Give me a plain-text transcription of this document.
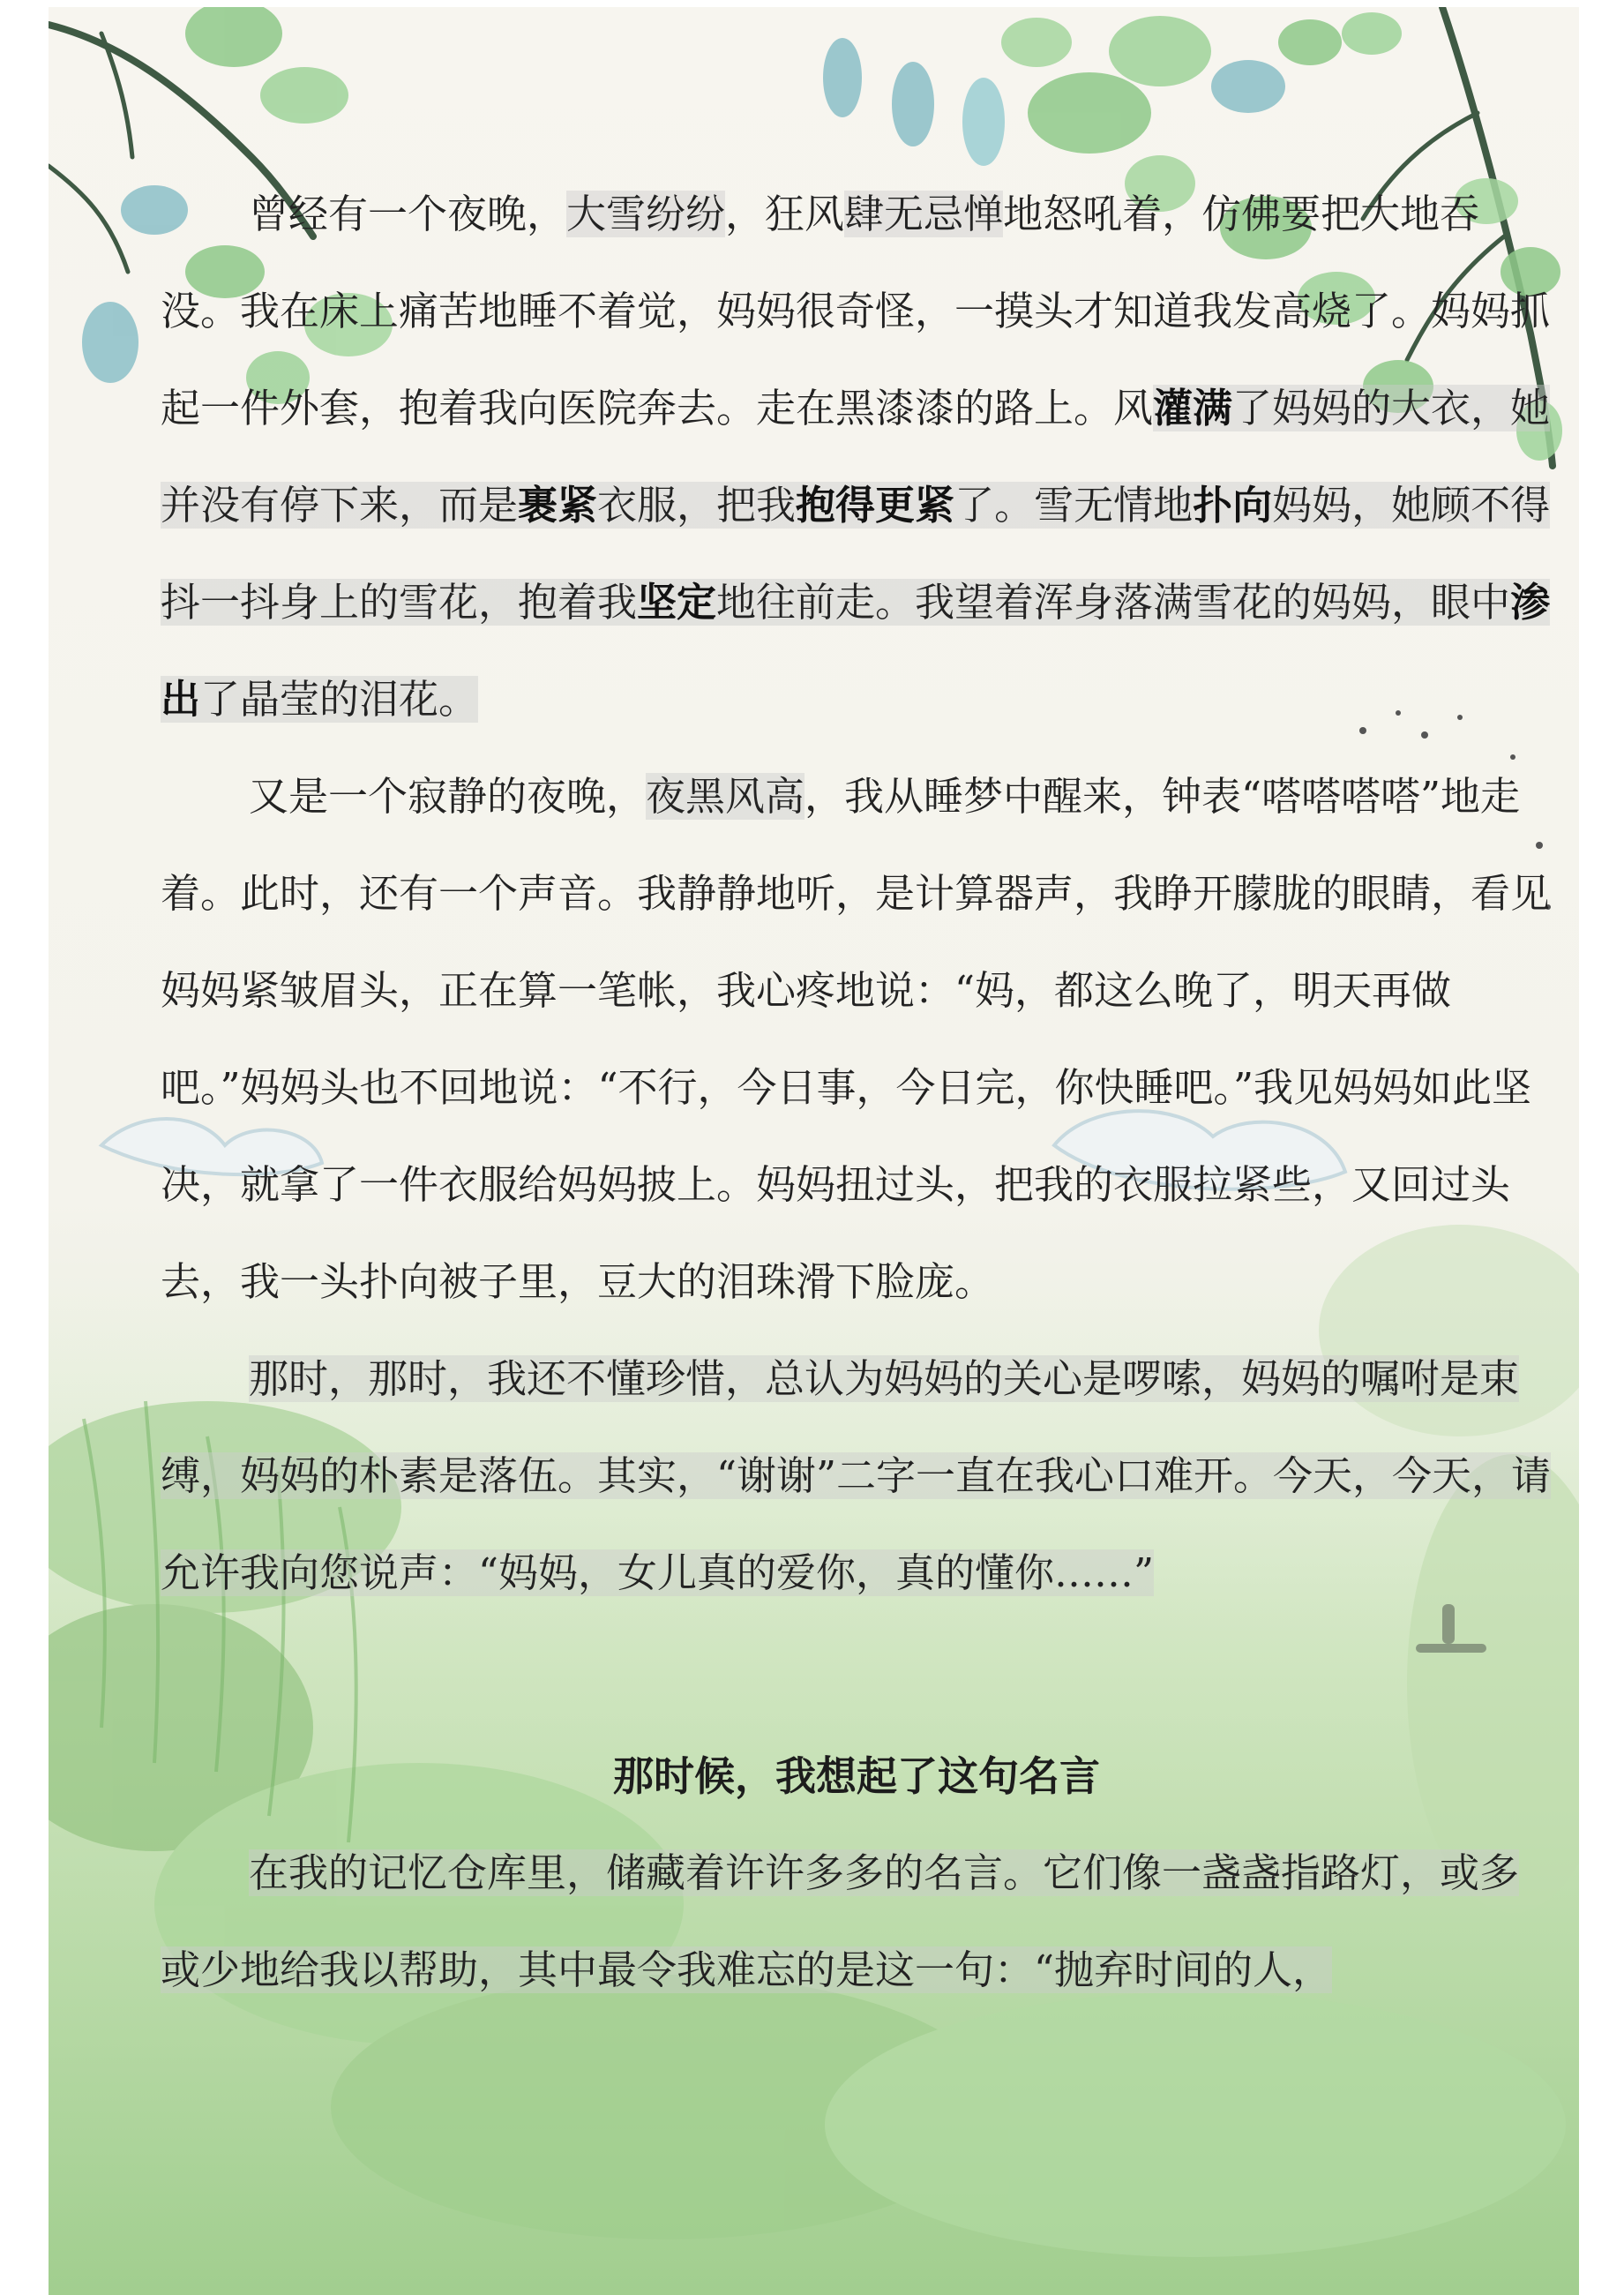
曾经有一个夜晚，大雪纷纷，狂风肆无忌惮地怒吼着，仿佛要把大地吞没。我在床上痛苦地睡不着觉，妈妈很奇怪，一摸头才知道我发高烧了。妈妈抓起一件外套，抱着我向医院奔去。走在黑漆漆的路上。风灌满了妈妈的大衣，她并没有停下来，而是裹紧衣服，把我抱得更紧了。雪无情地扑向妈妈，她顾不得抖一抖身上的雪花，抱着我坚定地往前走。我望着浑身落满雪花的妈妈，眼中渗出了晶莹的泪花。

又是一个寂静的夜晚，夜黑风高，我从睡梦中醒来，钟表“嗒嗒嗒嗒”地走着。此时，还有一个声音。我静静地听，是计算器声，我睁开朦胧的眼睛，看见妈妈紧皱眉头，正在算一笔帐，我心疼地说：“妈，都这么晚了，明天再做吧。”妈妈头也不回地说：“不行，今日事，今日完，你快睡吧。”我见妈妈如此坚决，就拿了一件衣服给妈妈披上。妈妈扭过头，把我的衣服拉紧些，又回过头去，我一头扑向被子里，豆大的泪珠滑下脸庞。

那时，那时，我还不懂珍惜，总认为妈妈的关心是啰嗦，妈妈的嘱咐是束缚，妈妈的朴素是落伍。其实，“谢谢”二字一直在我心口难开。今天，今天，请允许我向您说声：“妈妈，女儿真的爱你，真的懂你……”

那时候，我想起了这句名言

在我的记忆仓库里，储藏着许许多多的名言。它们像一盏盏指路灯，或多或少地给我以帮助，其中最令我难忘的是这一句：“抛弃时间的人，
